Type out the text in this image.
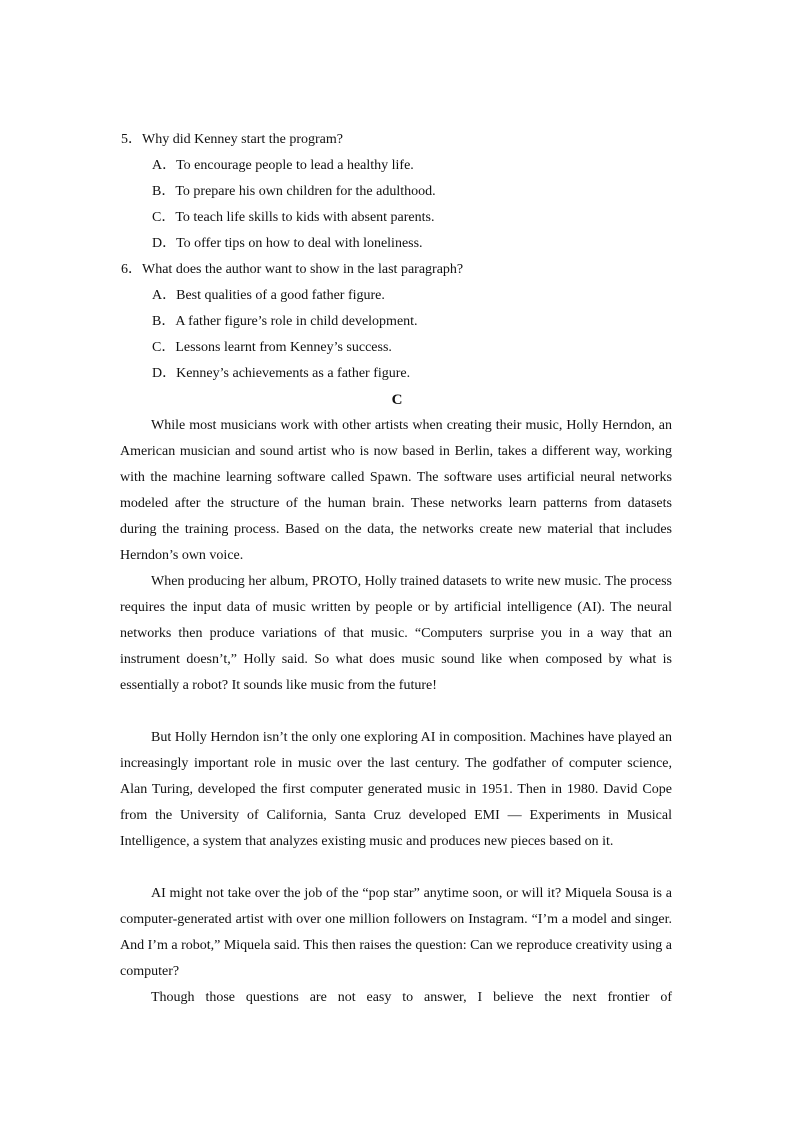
5．Why did Kenney start the program?
A．To encourage people to lead a healthy life.
B．To prepare his own children for the adulthood.
C．To teach life skills to kids with absent parents.
D．To offer tips on how to deal with loneliness.
6．What does the author want to show in the last paragraph?
A．Best qualities of a good father figure.
B．A father figure’s role in child development.
C．Lessons learnt from Kenney’s success.
D．Kenney’s achievements as a father figure.
C

While most musicians work with other artists when creating their music, Holly Herndon, an American musician and sound artist who is now based in Berlin, takes a different way, working with the machine learning software called Spawn. The software uses artificial neural networks modeled after the structure of the human brain. These networks learn patterns from datasets during the training process. Based on the data, the networks create new material that includes Herndon’s own voice.

When producing her album, PROTO, Holly trained datasets to write new music. The process requires the input data of music written by people or by artificial intelligence (AI). The neural networks then produce variations of that music. “Computers surprise you in a way that an instrument doesn’t,” Holly said. So what does music sound like when composed by what is essentially a robot? It sounds like music from the future!

But Holly Herndon isn’t the only one exploring AI in composition. Machines have played an increasingly important role in music over the last century. The godfather of computer science, Alan Turing, developed the first computer generated music in 1951. Then in 1980. David Cope from the University of California, Santa Cruz developed EMI — Experiments in Musical Intelligence, a system that analyzes existing music and produces new pieces based on it.

AI might not take over the job of the “pop star” anytime soon, or will it? Miquela Sousa is a computer-generated artist with over one million followers on Instagram. “I’m a model and singer. And I’m a robot,” Miquela said. This then raises the question: Can we reproduce creativity using a computer?

Though those questions are not easy to answer, I believe the next frontier of
